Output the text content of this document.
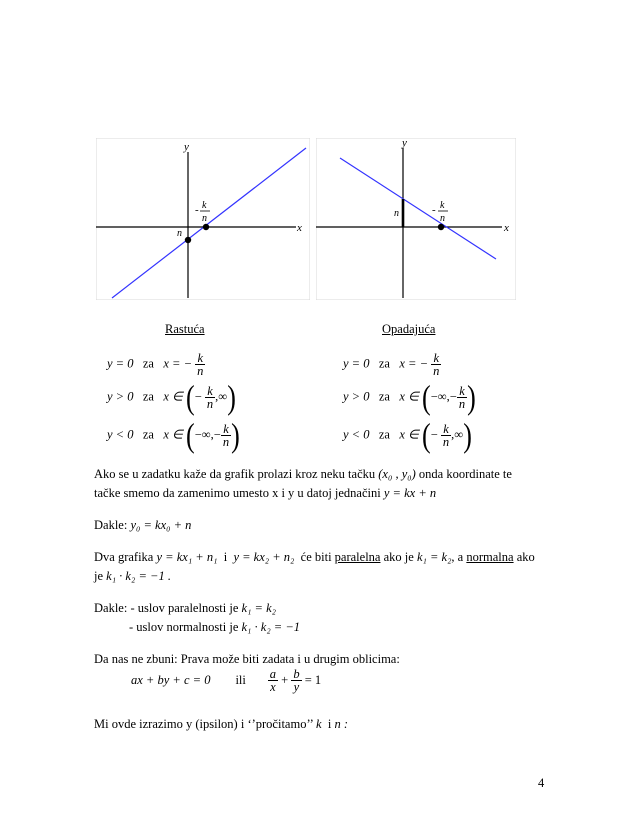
y
x
n
- k
n
y
x
n	- k
n
Rastuća	Opadajuća
y = 0 za x = − $\frac{k}{n}$
y > 0 za x ∈ (− $\frac{k}{n}$ ,∞)
y < 0 za x ∈ (−∞,− $\frac{k}{n}$ )
y = 0 za x = − $\frac{k}{n}$
y > 0 za x ∈ (−∞,− $\frac{k}{n}$ )
y < 0 za x ∈ (− $\frac{k}{n}$ ,∞)
Ako se u zadatku kaže da grafik prolazi kroz neku tačku (x₀ , y₀) onda koordinate te
tačke smemo da zamenimo umesto x i y u datoj jednačini y = kx + n
Dakle: y₀ = kx₀ + n
Dva grafika y = kx₁ + n₁ i y = kx₂ + n₂ će biti paralelna ako je k₁ = k₂, a normalna ako
je k₁ · k₂ = −1 .
Dakle: - uslov paralelnosti je k₁ = k₂
- uslov normalnosti je k₁ · k₂ = −1
Da nas ne zbuni: Prava može biti zadata i u drugim oblicima:
ax + by + c = 0 ili $\frac{a}{x} + \frac{b}{y} = 1$
Mi ovde izrazimo y (ipsilon) i ‘’pročitamo’’ k i n :
4
